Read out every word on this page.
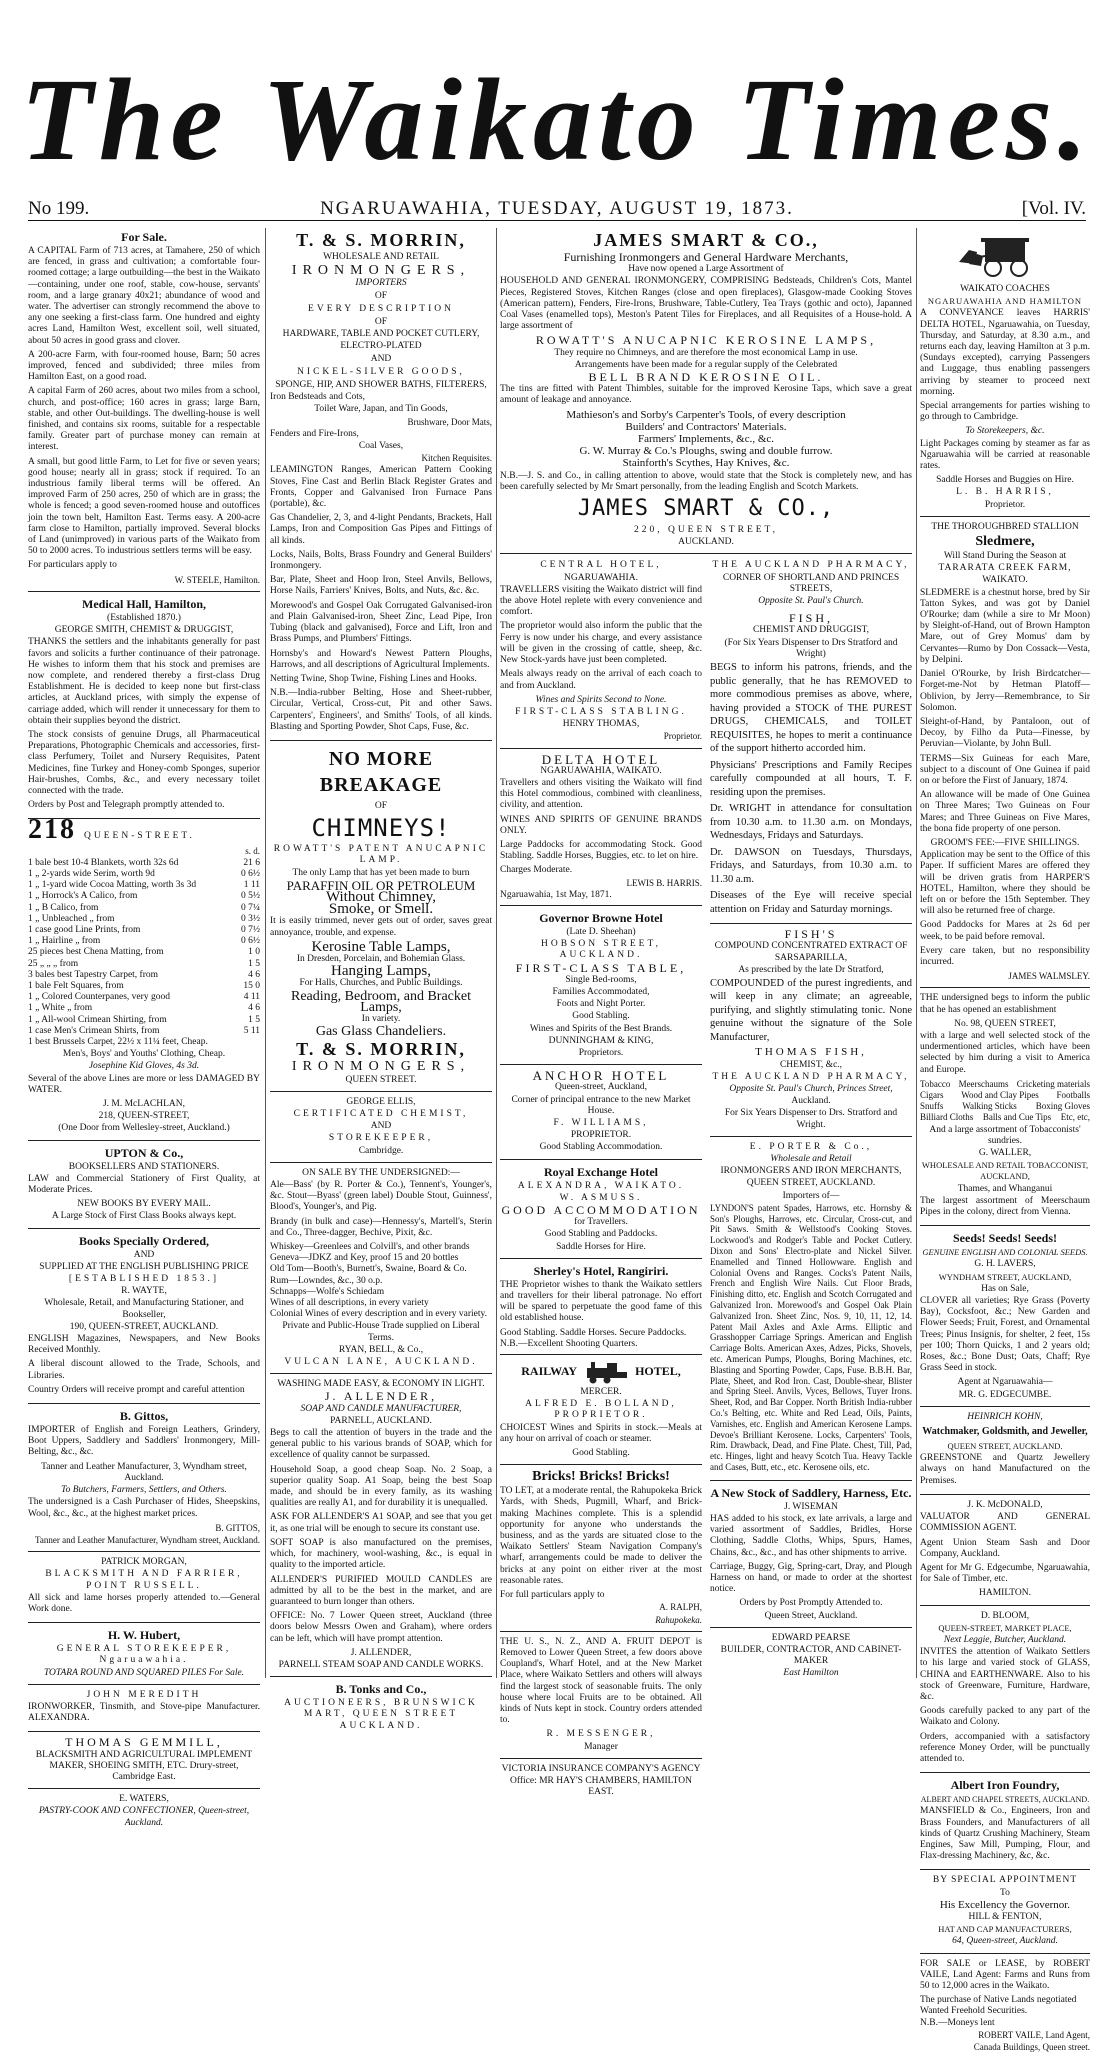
The Waikato Times.
No 199.	NGARUAWAHIA, TUESDAY, AUGUST 19, 1873.	[Vol. IV.
For Sale.

A CAPITAL Farm of 713 acres, at Tamahere, 250 of which are fenced, in grass and cultivation; a comfortable four-roomed cottage; a large outbuilding—the best in the Waikato—containing, under one roof, stable, cow-house, servants' room, and a large granary 40x21; abundance of wood and water. The advertiser can strongly recommend the above to any one seeking a first-class farm. One hundred and eighty acres Land, Hamilton West, excellent soil, well situated, about 50 acres in good grass and clover.

A 200-acre Farm, with four-roomed house, Barn; 50 acres improved, fenced and subdivided; three miles from Hamilton East, on a good road.

A capital Farm of 260 acres, about two miles from a school, church, and post-office; 160 acres in grass; large Barn, stable, and other Out-buildings. The dwelling-house is well finished, and contains six rooms, suitable for a respectable family. Greater part of purchase money can remain at interest.

A small, but good little Farm, to Let for five or seven years; good house; nearly all in grass; stock if required. To an industrious family liberal terms will be offered. An improved Farm of 250 acres, 250 of which are in grass; the whole is fenced; a good seven-roomed house and outoffices join the town belt, Hamilton East. Terms easy. A 200-acre farm close to Hamilton, partially improved. Several blocks of Land (unimproved) in various parts of the Waikato from 50 to 2000 acres. To industrious settlers terms will be easy.

For particulars apply to

W. STEELE, Hamilton.
Medical Hall, Hamilton,
(Established 1870.)
GEORGE SMITH, CHEMIST & DRUGGIST,

THANKS the settlers and the inhabitants generally for past favors and solicits a further continuance of their patronage. He wishes to inform them that his stock and premises are now complete, and rendered thereby a first-class Drug Establishment. He is decided to keep none but first-class articles, at Auckland prices, with simply the expense of carriage added, which will render it unnecessary for them to obtain their supplies beyond the district.

The stock consists of genuine Drugs, all Pharmaceutical Preparations, Photographic Chemicals and accessories, first-class Perfumery, Toilet and Nursery Requisites, Patent Medicines, fine Turkey and Honey-comb Sponges, superior Hair-brushes, Combs, &c., and every necessary toilet connected with the trade.

Orders by Post and Telegraph promptly attended to.

218 QUEEN-STREET.
s. d.
1 bale best 10-4 Blankets, worth 32s 6d	21 6
1 „ 2-yards wide Serim, worth 9d	0 6½
1 „ 1-yard wide Cocoa Matting, worth 3s 3d	1 11
1 „ Horrock's A Calico, from	0 5½
1 „ B Calico, from	0 7¼
1 „ Unbleached „ from	0 3½
1 case good Line Prints, from	0 7½
1 „ Hairline „ from	0 6½
25 pieces best Chena Matting, from	1 0
25 „ „ „ from	1 5
3 bales best Tapestry Carpet, from	4 6
1 bale Felt Squares, from	15 0
1 „ Colored Counterpanes, very good	4 11
1 „ White „ from	4 6
1 „ All-wool Crimean Shirting, from	1 5
1 case Men's Crimean Shirts, from	5 11
1 best Brussels Carpet, 22½ x 11¼ feet, Cheap.
Men's, Boys' and Youths' Clothing, Cheap.
Josephine Kid Gloves, 4s 3d.

Several of the above Lines are more or less DAMAGED BY WATER.

J. M. McLACHLAN,
218, QUEEN-STREET,
(One Door from Wellesley-street, Auckland.)
UPTON & Co.,
BOOKSELLERS AND STATIONERS.

LAW and Commercial Stationery of First Quality, at Moderate Prices.

NEW BOOKS BY EVERY MAIL.
A Large Stock of First Class Books always kept.
Books Specially Ordered,
AND
SUPPLIED AT THE ENGLISH PUBLISHING PRICE
[ESTABLISHED 1853.]
R. WAYTE,
Wholesale, Retail, and Manufacturing Stationer, and Bookseller,
190, QUEEN-STREET, AUCKLAND.

ENGLISH Magazines, Newspapers, and New Books Received Monthly.

A liberal discount allowed to the Trade, Schools, and Libraries.

Country Orders will receive prompt and careful attention

B. Gittos,

IMPORTER of English and Foreign Leathers, Grindery, Boot Uppers, Saddlery and Saddlers' Ironmongery, Mill-Belting, &c., &c.

Tanner and Leather Manufacturer, 3, Wyndham street, Auckland.
To Butchers, Farmers, Settlers, and Others.

The undersigned is a Cash Purchaser of Hides, Sheepskins, Wool, &c., &c., at the highest market prices.

B. GITTOS,
Tanner and Leather Manufacturer, Wyndham street, Auckland.
PATRICK MORGAN,
BLACKSMITH AND FARRIER, POINT RUSSELL.

All sick and lame horses properly attended to.—General Work done.

H. W. Hubert,
GENERAL STOREKEEPER, Ngaruawahia.
TOTARA ROUND AND SQUARED PILES For Sale.
JOHN MEREDITH

IRONWORKER, Tinsmith, and Stove-pipe Manufacturer. ALEXANDRA.

THOMAS GEMMILL,

BLACKSMITH AND AGRICULTURAL IMPLEMENT MAKER, SHOEING SMITH, ETC. Drury-street, Cambridge East.

E. WATERS,
PASTRY-COOK AND CONFECTIONER, Queen-street, Auckland.
T. & S. MORRIN,
WHOLESALE AND RETAIL
IRONMONGERS,
IMPORTERS
OF
EVERY DESCRIPTION
OF
HARDWARE, TABLE AND POCKET CUTLERY,
ELECTRO-PLATED
AND
NICKEL-SILVER GOODS,
SPONGE, HIP, AND SHOWER BATHS, FILTERERS,
Iron Bedsteads and Cots,
Toilet Ware, Japan, and Tin Goods,
Brushware, Door Mats,
Fenders and Fire-Irons,
Coal Vases,
Kitchen Requisites.

LEAMINGTON Ranges, American Pattern Cooking Stoves, Fine Cast and Berlin Black Register Grates and Fronts, Copper and Galvanised Iron Furnace Pans (portable), &c.

Gas Chandelier, 2, 3, and 4-light Pendants, Brackets, Hall Lamps, Iron and Composition Gas Pipes and Fittings of all kinds.

Locks, Nails, Bolts, Brass Foundry and General Builders' Ironmongery.

Bar, Plate, Sheet and Hoop Iron, Steel Anvils, Bellows, Horse Nails, Farriers' Knives, Bolts, and Nuts, &c. &c.

Morewood's and Gospel Oak Corrugated Galvanised-iron and Plain Galvanised-iron, Sheet Zinc, Lead Pipe, Iron Tubing (black and galvanised), Force and Lift, Iron and Brass Pumps, and Plumbers' Fittings.

Hornsby's and Howard's Newest Pattern Ploughs, Harrows, and all descriptions of Agricultural Implements.

Netting Twine, Shop Twine, Fishing Lines and Hooks.

N.B.—India-rubber Belting, Hose and Sheet-rubber, Circular, Vertical, Cross-cut, Pit and other Saws. Carpenters', Engineers', and Smiths' Tools, of all kinds. Blasting and Sporting Powder, Shot Caps, Fuse, &c.

NO MORE BREAKAGE
OF
CHIMNEYS!
ROWATT'S PATENT ANUCAPNIC LAMP.
The only Lamp that has yet been made to burn
PARAFFIN OIL OR PETROLEUM
Without Chimney,
Smoke, or Smell.

It is easily trimmed, never gets out of order, saves great annoyance, trouble, and expense.

Kerosine Table Lamps,
In Dresden, Porcelain, and Bohemian Glass.
Hanging Lamps,
For Halls, Churches, and Public Buildings.
Reading, Bedroom, and Bracket Lamps,
In variety.
Gas Glass Chandeliers.
T. & S. MORRIN,
IRONMONGERS,
QUEEN STREET.
GEORGE ELLIS,
CERTIFICATED CHEMIST,
AND
STOREKEEPER,
Cambridge.
ON SALE BY THE UNDERSIGNED:—

Ale—Bass' (by R. Porter & Co.), Tennent's, Younger's, &c. Stout—Byass' (green label) Double Stout, Guinness', Blood's, Younger's, and Pig.

Brandy (in bulk and case)—Hennessy's, Martell's, Sterin and Co., Three-dagger, Bechive, Pixit, &c.

Whiskey—Greenlees and Colvill's, and other brands
Geneva—JDKZ and Key, proof 15 and 20 bottles
Old Tom—Booth's, Burnett's, Swaine, Board & Co.
Rum—Lowndes, &c., 30 o.p.
Schnapps—Wolfe's Schiedam
Wines of all descriptions, in every variety
Colonial Wines of every description and in every variety.
Private and Public-House Trade supplied on Liberal Terms.
RYAN, BELL, & Co.,
VULCAN LANE, AUCKLAND.
WASHING MADE EASY, & ECONOMY IN LIGHT.
J. ALLENDER,
SOAP AND CANDLE MANUFACTURER,
PARNELL, AUCKLAND.

Begs to call the attention of buyers in the trade and the general public to his various brands of SOAP, which for excellence of quality cannot be surpassed.

Household Soap, a good cheap Soap. No. 2 Soap, a superior quality Soap. A1 Soap, being the best Soap made, and should be in every family, as its washing qualities are really A1, and for durability it is unequalled.

ASK FOR ALLENDER'S A1 SOAP, and see that you get it, as one trial will be enough to secure its constant use.

SOFT SOAP is also manufactured on the premises, which, for machinery, wool-washing, &c., is equal in quality to the imported article.

ALLENDER'S PURIFIED MOULD CANDLES are admitted by all to be the best in the market, and are guaranteed to burn longer than others.

OFFICE: No. 7 Lower Queen street, Auckland (three doors below Messrs Owen and Graham), where orders can be left, which will have prompt attention.

J. ALLENDER,
PARNELL STEAM SOAP AND CANDLE WORKS.
B. Tonks and Co.,
AUCTIONEERS, BRUNSWICK MART, QUEEN STREET AUCKLAND.
JAMES SMART & CO.,
Furnishing Ironmongers and General Hardware Merchants,
Have now opened a Large Assortment of

HOUSEHOLD AND GENERAL IRONMONGERY, COMPRISING Bedsteads, Children's Cots, Mantel Pieces, Registered Stoves, Kitchen Ranges (close and open fireplaces), Glasgow-made Cooking Stoves (American pattern), Fenders, Fire-Irons, Brushware, Table-Cutlery, Tea Trays (gothic and octo), Japanned Coal Vases (enamelled tops), Meston's Patent Tiles for Fireplaces, and all Requisites of a House-hold. A large assortment of

ROWATT'S ANUCAPNIC KEROSINE LAMPS,
They require no Chimneys, and are therefore the most economical Lamp in use.
Arrangements have been made for a regular supply of the Celebrated
BELL BRAND KEROSINE OIL.

The tins are fitted with Patent Thimbles, suitable for the improved Kerosine Taps, which save a great amount of leakage and annoyance.

Mathieson's and Sorby's Carpenter's Tools, of every description
Builders' and Contractors' Materials.
Farmers' Implements, &c., &c.
G. W. Murray & Co.'s Ploughs, swing and double furrow.
Stainforth's Scythes, Hay Knives, &c.

N.B.—J. S. and Co., in calling attention to above, would state that the Stock is completely new, and has been carefully selected by Mr Smart personally, from the leading English and Scotch Markets.

JAMES SMART & CO.,
220, QUEEN STREET,
AUCKLAND.
CENTRAL HOTEL,
NGARUAWAHIA.

TRAVELLERS visiting the Waikato district will find the above Hotel replete with every convenience and comfort.

The proprietor would also inform the public that the Ferry is now under his charge, and every assistance will be given in the crossing of cattle, sheep, &c. New Stock-yards have just been completed.

Meals always ready on the arrival of each coach to and from Auckland.

Wines and Spirits Second to None.
FIRST-CLASS STABLING.
HENRY THOMAS,
Proprietor.
DELTA HOTEL
NGARUAWAHIA, WAIKATO.

Travellers and others visiting the Waikato will find this Hotel commodious, combined with cleanliness, civility, and attention.

WINES AND SPIRITS OF GENUINE BRANDS ONLY.

Large Paddocks for accommodating Stock. Good Stabling. Saddle Horses, Buggies, etc. to let on hire.

Charges Moderate.
LEWIS B. HARRIS.
Ngaruawahia, 1st May, 1871.
Governor Browne Hotel
(Late D. Sheehan)
HOBSON STREET, AUCKLAND.
FIRST-CLASS TABLE,
Single Bed-rooms,
Families Accommodated,
Foots and Night Porter.
Good Stabling.
Wines and Spirits of the Best Brands.
DUNNINGHAM & KING,
Proprietors.
ANCHOR HOTEL
Queen-street, Auckland,
Corner of principal entrance to the new Market House.
F. WILLIAMS,
PROPRIETOR.
Good Stabling Accommodation.
Royal Exchange Hotel
ALEXANDRA, WAIKATO.
W. ASMUSS.
GOOD ACCOMMODATION
for Travellers.
Good Stabling and Paddocks.
Saddle Horses for Hire.
Sherley's Hotel, Rangiriri.

THE Proprietor wishes to thank the Waikato settlers and travellers for their liberal patronage. No effort will be spared to perpetuate the good fame of this old established house.

Good Stabling. Saddle Horses. Secure Paddocks.
N.B.—Excellent Shooting Quarters.
RAILWAY	HOTEL,
MERCER.
ALFRED E. BOLLAND, PROPRIETOR.

CHOICEST Wines and Spirits in stock.—Meals at any hour on arrival of coach or steamer.

Good Stabling.
Bricks! Bricks! Bricks!

TO LET, at a moderate rental, the Rahupokeka Brick Yards, with Sheds, Pugmill, Wharf, and Brick-making Machines complete. This is a splendid opportunity for anyone who understands the business, and as the yards are situated close to the Waikato Settlers' Steam Navigation Company's wharf, arrangements could be made to deliver the bricks at any point on either river at the most reasonable rates.

For full particulars apply to
A. RALPH,
Rahupokeka.

THE U. S., N. Z., AND A. FRUIT DEPOT is Removed to Lower Queen Street, a few doors above Coupland's, Wharf Hotel, and at the New Market Place, where Waikato Settlers and others will always find the largest stock of seasonable fruits. The only house where local Fruits are to be obtained. All kinds of Nuts kept in stock. Country orders attended to.

R. MESSENGER,
Manager
VICTORIA INSURANCE COMPANY'S AGENCY
Office: MR HAY'S CHAMBERS, HAMILTON EAST.
THE AUCKLAND PHARMACY,
CORNER OF SHORTLAND AND PRINCES STREETS,
Opposite St. Paul's Church.
FISH,
CHEMIST AND DRUGGIST,
(For Six Years Dispenser to Drs Stratford and Wright)

BEGS to inform his patrons, friends, and the public generally, that he has REMOVED to more commodious premises as above, where, having provided a STOCK of THE PUREST DRUGS, CHEMICALS, and TOILET REQUISITES, he hopes to merit a continuance of the support hitherto accorded him.

Physicians' Prescriptions and Family Recipes carefully compounded at all hours, T. F. residing upon the premises.

Dr. WRIGHT in attendance for consultation from 10.30 a.m. to 11.30 a.m. on Mondays, Wednesdays, Fridays and Saturdays.

Dr. DAWSON on Tuesdays, Thursdays, Fridays, and Saturdays, from 10.30 a.m. to 11.30 a.m.

Diseases of the Eye will receive special attention on Friday and Saturday mornings.

FISH'S
COMPOUND CONCENTRATED EXTRACT OF SARSAPARILLA,
As prescribed by the late Dr Stratford,

COMPOUNDED of the purest ingredients, and will keep in any climate; an agreeable, purifying, and slightly stimulating tonic. None genuine without the signature of the Sole Manufacturer,

THOMAS FISH,
CHEMIST, &c.,
THE AUCKLAND PHARMACY,
Opposite St. Paul's Church, Princes Street,
Auckland.
For Six Years Dispenser to Drs. Stratford and Wright.
E. PORTER & Co.,
Wholesale and Retail
IRONMONGERS AND IRON MERCHANTS,
QUEEN STREET, AUCKLAND.
Importers of—

LYNDON'S patent Spades, Harrows, etc. Hornsby & Son's Ploughs, Harrows, etc. Circular, Cross-cut, and Pit Saws. Smith & Wellstood's Cooking Stoves. Lockwood's and Rodger's Table and Pocket Cutlery. Dixon and Sons' Electro-plate and Nickel Silver. Enamelled and Tinned Hollowware. English and Colonial Ovens and Ranges. Cocks's Patent Nails, French and English Wire Nails. Cut Floor Brads, Finishing ditto, etc. English and Scotch Corrugated and Galvanized Iron. Morewood's and Gospel Oak Plain Galvanized Iron. Sheet Zinc, Nos. 9, 10, 11, 12, 14. Patent Mail Axles and Axle Arms. Elliptic and Grasshopper Carriage Springs. American and English Carriage Bolts. American Axes, Adzes, Picks, Shovels, etc. American Pumps, Ploughs, Boring Machines, etc. Blasting and Sporting Powder, Caps, Fuse. B.B.H. Bar, Plate, Sheet, and Rod Iron. Cast, Double-shear, Blister and Spring Steel. Anvils, Vyces, Bellows, Tuyer Irons. Sheet, Rod, and Bar Copper. North British India-rubber Co.'s Belting, etc. White and Red Lead, Oils, Paints, Varnishes, etc. English and American Kerosene Lamps. Devoe's Brilliant Kerosene. Locks, Carpenters' Tools, Rim. Drawback, Dead, and Fine Plate. Chest, Till, Pad, etc. Hinges, light and heavy Scotch Tua. Heavy Tackle and Cases, Butt, etc., etc. Kerosene oils, etc.

A New Stock of Saddlery, Harness, Etc.
J. WISEMAN

HAS added to his stock, ex late arrivals, a large and varied assortment of Saddles, Bridles, Horse Clothing, Saddle Cloths, Whips, Spurs, Hames, Chains, &c., &c., and has other shipments to arrive.

Carriage, Buggy, Gig, Spring-cart, Dray, and Plough Harness on hand, or made to order at the shortest notice.

Orders by Post Promptly Attended to.
Queen Street, Auckland.
EDWARD PEARSE
BUILDER, CONTRACTOR, AND CABINET-MAKER
East Hamilton
WAIKATO COACHES
NGARUAWAHIA AND HAMILTON

A CONVEYANCE leaves HARRIS' DELTA HOTEL, Ngaruawahia, on Tuesday, Thursday, and Saturday, at 8.30 a.m., and returns each day, leaving Hamilton at 3 p.m. (Sundays excepted), carrying Passengers and Luggage, thus enabling passengers arriving by steamer to proceed next morning.

Special arrangements for parties wishing to go through to Cambridge.

To Storekeepers, &c.

Light Packages coming by steamer as far as Ngaruawahia will be carried at reasonable rates.

Saddle Horses and Buggies on Hire.
L. B. HARRIS,
Proprietor.
THE THOROUGHBRED STALLION
Sledmere,
Will Stand During the Season at
TARARATA CREEK FARM,
WAIKATO.

SLEDMERE is a chestnut horse, bred by Sir Tatton Sykes, and was got by Daniel O'Rourke; dam (while a sire to Mr Moon) by Sleight-of-Hand, out of Brown Hampton Mare, out of Grey Momus' dam by Cervantes—Rumo by Don Cossack—Vesta, by Delpini.

Daniel O'Rourke, by Irish Birdcatcher—Forget-me-Not by Hetman Platoff—Oblivion, by Jerry—Remembrance, to Sir Solomon.

Sleight-of-Hand, by Pantaloon, out of Decoy, by Filho da Puta—Finesse, by Peruvian—Violante, by John Bull.

TERMS—Six Guineas for each Mare, subject to a discount of One Guinea if paid on or before the First of January, 1874.

An allowance will be made of One Guinea on Three Mares; Two Guineas on Four Mares; and Three Guineas on Five Mares, the bona fide property of one person.

GROOM'S FEE:—FIVE SHILLINGS.

Application may be sent to the Office of this Paper. If sufficient Mares are offered they will be driven gratis from HARPER'S HOTEL, Hamilton, where they should be left on or before the 15th September. They will also be returned free of charge.

Good Paddocks for Mares at 2s 6d per week, to be paid before removal.

Every care taken, but no responsibility incurred.

JAMES WALMSLEY.

THE undersigned begs to inform the public that he has opened an establishment

No. 98, QUEEN STREET,

with a large and well selected stock of the undermentioned articles, which have been selected by him during a visit to America and Europe.

Tobacco Meerschaums Cricketing materials
Cigars Wood and Clay Pipes Footballs
Snuffs Walking Sticks Boxing Gloves
Billiard Cloths Balls and Cue Tips Etc, etc,
And a large assortment of Tobacconists' sundries.
G. WALLER,
WHOLESALE AND RETAIL TOBACCONIST, AUCKLAND,
Thames, and Whanganui

The largest assortment of Meerschaum Pipes in the colony, direct from Vienna.

Seeds! Seeds! Seeds!
GENUINE ENGLISH AND COLONIAL SEEDS.
G. H. LAVERS,
WYNDHAM STREET, AUCKLAND,
Has on Sale,

CLOVER all varieties; Rye Grass (Poverty Bay), Cocksfoot, &c.; New Garden and Flower Seeds; Fruit, Forest, and Ornamental Trees; Pinus Insignis, for shelter, 2 feet, 15s per 100; Thorn Quicks, 1 and 2 years old; Roses, &c.; Bone Dust; Oats, Chaff; Rye Grass Seed in stock.

Agent at Ngaruawahia—
MR. G. EDGECUMBE.
HEINRICH KOHN,
Watchmaker, Goldsmith, and Jeweller,
QUEEN STREET, AUCKLAND.

GREENSTONE and Quartz Jewellery always on hand Manufactured on the Premises.

J. K. McDONALD,

VALUATOR AND GENERAL COMMISSION AGENT.

Agent Union Steam Sash and Door Company, Auckland.

Agent for Mr G. Edgecumbe, Ngaruawahia, for Sale of Timber, etc.

HAMILTON.
D. BLOOM,
QUEEN-STREET, MARKET PLACE,
Next Leggie, Butcher, Auckland.

INVITES the attention of Waikato Settlers to his large and varied stock of GLASS, CHINA and EARTHENWARE. Also to his stock of Greenware, Furniture, Hardware, &c.

Goods carefully packed to any part of the Waikato and Colony.

Orders, accompanied with a satisfactory reference Money Order, will be punctually attended to.

Albert Iron Foundry,
ALBERT AND CHAPEL STREETS, AUCKLAND.

MANSFIELD & Co., Engineers, Iron and Brass Founders, and Manufacturers of all kinds of Quartz Crushing Machinery, Steam Engines, Saw Mill, Pumping, Flour, and Flax-dressing Machinery, &c, &c.

BY SPECIAL APPOINTMENT
To
His Excellency the Governor.
HILL & FENTON,
HAT AND CAP MANUFACTURERS,
64, Queen-street, Auckland.

FOR SALE or LEASE, by ROBERT VAILE, Land Agent: Farms and Runs from 50 to 12,000 acres in the Waikato.

The purchase of Native Lands negotiated
Wanted Freehold Securities.
N.B.—Moneys lent
ROBERT VAILE, Land Agent,
Canada Buildings, Queen street.
